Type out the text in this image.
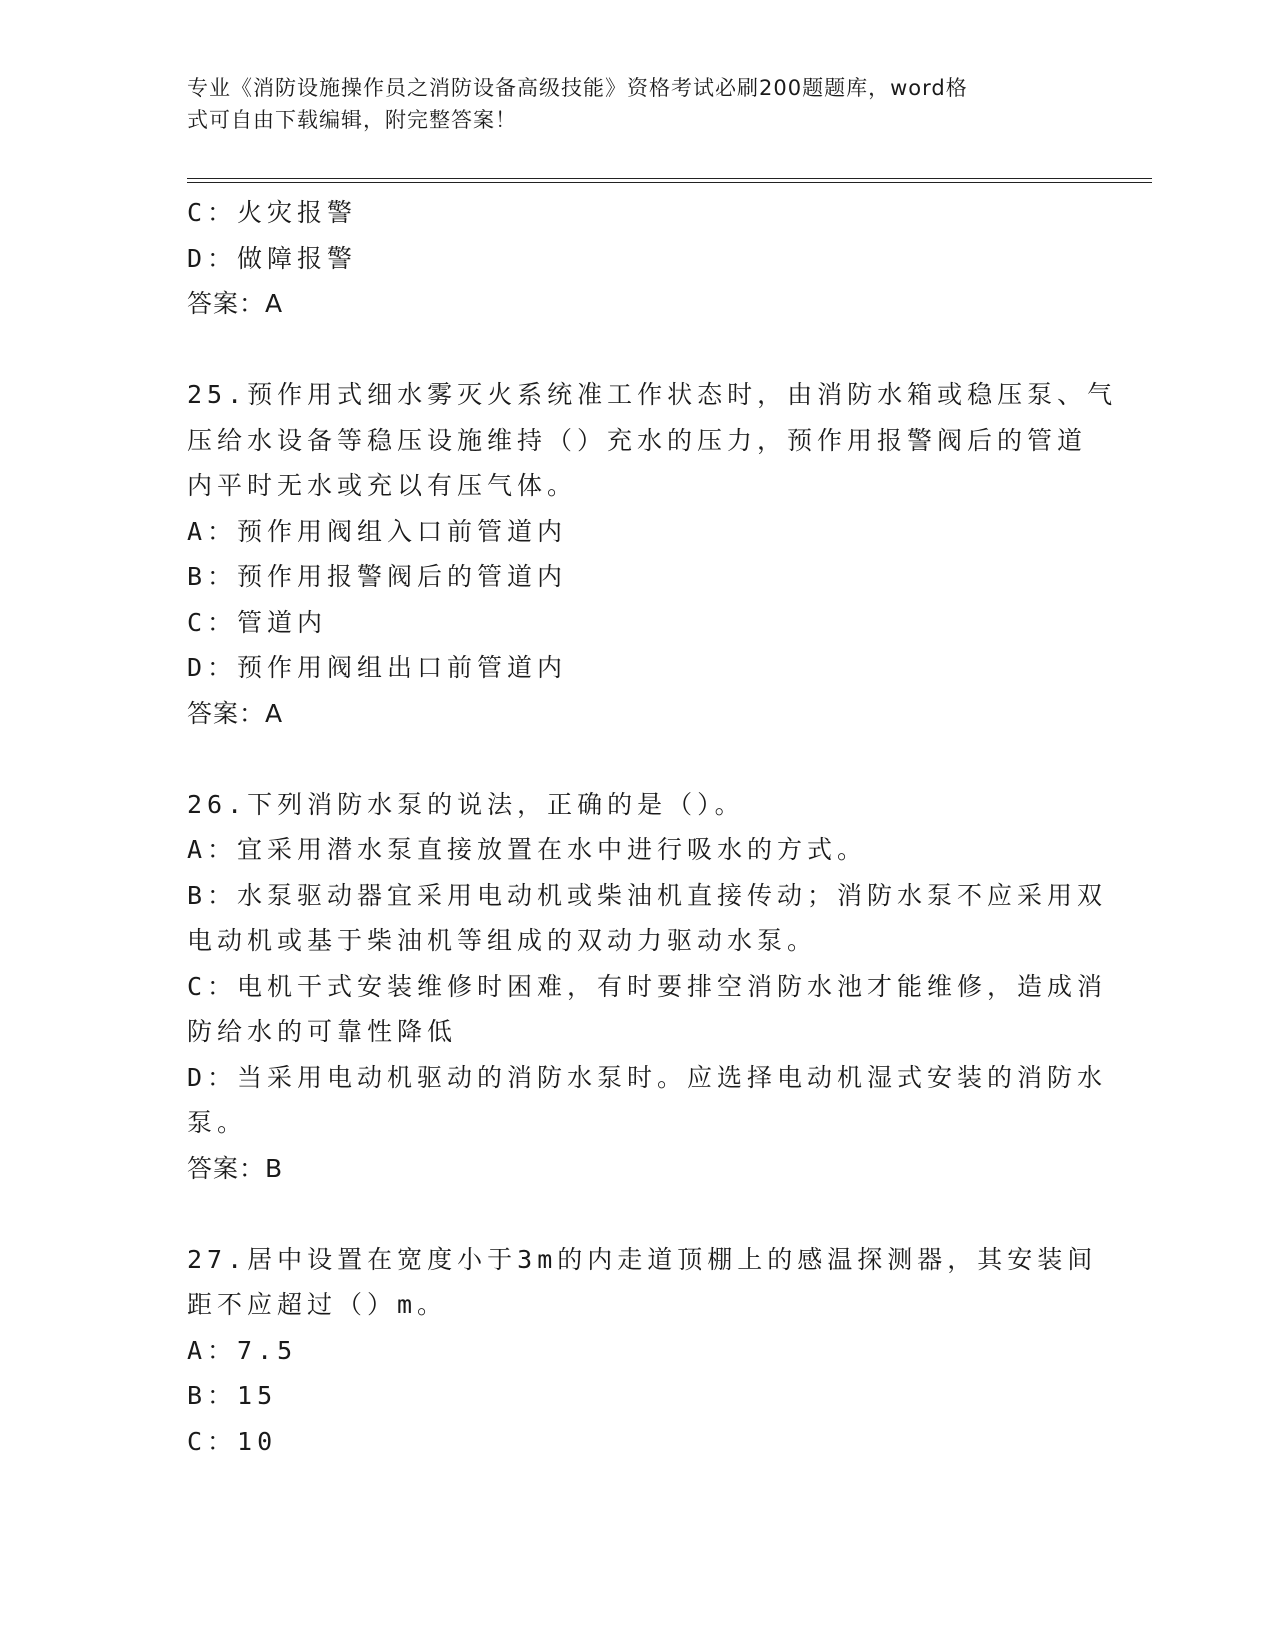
专业《消防设施操作员之消防设备高级技能》资格考试必刷200题题库，word格
式可自由下载编辑，附完整答案！
C：火灾报警
D：做障报警
答案：A
25.预作用式细水雾灭火系统准工作状态时，由消防水箱或稳压泵、气
压给水设备等稳压设施维持（）充水的压力，预作用报警阀后的管道
内平时无水或充以有压气体。
A：预作用阀组入口前管道内
B：预作用报警阀后的管道内
C：管道内
D：预作用阀组出口前管道内
答案：A
26.下列消防水泵的说法，正确的是（）。
A：宜采用潜水泵直接放置在水中进行吸水的方式。
B：水泵驱动器宜采用电动机或柴油机直接传动；消防水泵不应采用双
电动机或基于柴油机等组成的双动力驱动水泵。
C：电机干式安装维修时困难，有时要排空消防水池才能维修，造成消
防给水的可靠性降低
D：当采用电动机驱动的消防水泵时。应选择电动机湿式安装的消防水
泵。
答案：B
27.居中设置在宽度小于3m的内走道顶棚上的感温探测器，其安装间
距不应超过（）m。
A：7.5
B：15
C：10
